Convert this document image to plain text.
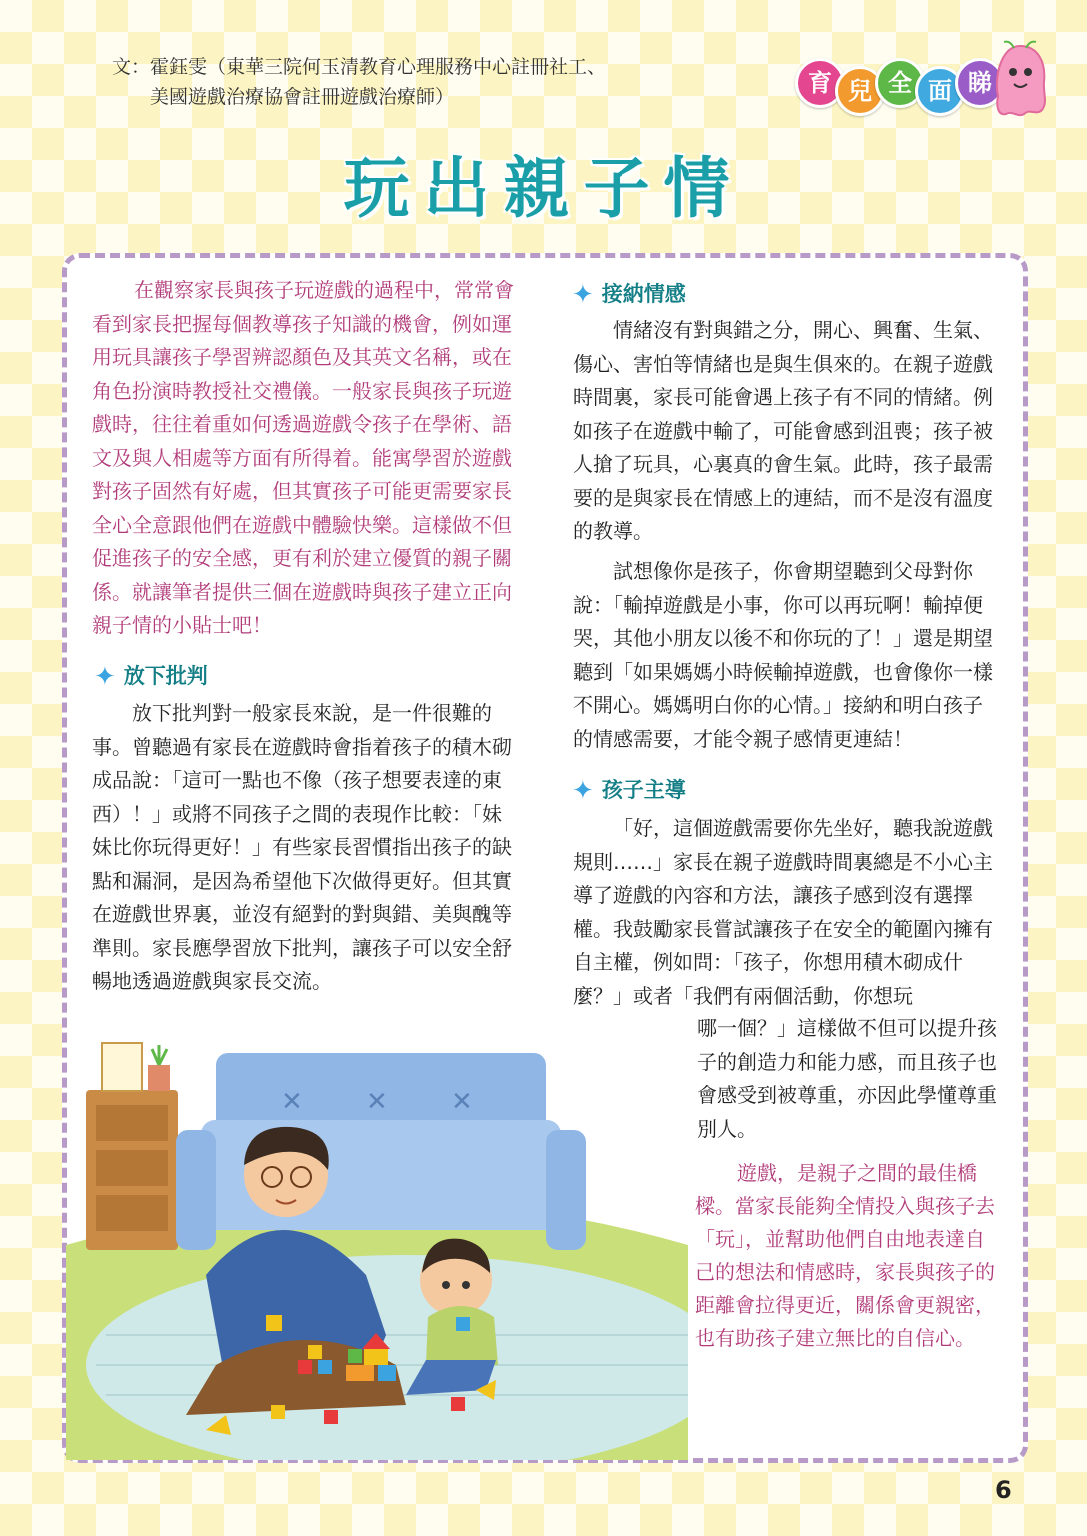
文：霍鈺雯（東華三院何玉清教育心理服務中心註冊社工、
美國遊戲治療協會註冊遊戲治療師）	育 兒 全 面 睇
玩出親子情

在觀察家長與孩子玩遊戲的過程中，常常會看到家長把握每個教導孩子知識的機會，例如運用玩具讓孩子學習辨認顏色及其英文名稱，或在角色扮演時教授社交禮儀。一般家長與孩子玩遊戲時，往往着重如何透過遊戲令孩子在學術、語文及與人相處等方面有所得着。能寓學習於遊戲對孩子固然有好處，但其實孩子可能更需要家長全心全意跟他們在遊戲中體驗快樂。這樣做不但促進孩子的安全感，更有利於建立優質的親子關係。就讓筆者提供三個在遊戲時與孩子建立正向親子情的小貼士吧！

✦ 放下批判

放下批判對一般家長來說，是一件很難的事。曾聽過有家長在遊戲時會指着孩子的積木砌成品說：「這可一點也不像（孩子想要表達的東西）！」或將不同孩子之間的表現作比較：「妹妹比你玩得更好！」有些家長習慣指出孩子的缺點和漏洞，是因為希望他下次做得更好。但其實在遊戲世界裏，並沒有絕對的對與錯、美與醜等準則。家長應學習放下批判，讓孩子可以安全舒暢地透過遊戲與家長交流。

✦ 接納情感

情緒沒有對與錯之分，開心、興奮、生氣、傷心、害怕等情緒也是與生俱來的。在親子遊戲時間裏，家長可能會遇上孩子有不同的情緒。例如孩子在遊戲中輸了，可能會感到沮喪；孩子被人搶了玩具，心裏真的會生氣。此時，孩子最需要的是與家長在情感上的連結，而不是沒有溫度的教導。

試想像你是孩子，你會期望聽到父母對你說：「輸掉遊戲是小事，你可以再玩啊！輸掉便哭，其他小朋友以後不和你玩的了！」還是期望聽到「如果媽媽小時候輸掉遊戲，也會像你一樣不開心。媽媽明白你的心情。」接納和明白孩子的情感需要，才能令親子感情更連結！

✦ 孩子主導

「好，這個遊戲需要你先坐好，聽我說遊戲規則……」家長在親子遊戲時間裏總是不小心主導了遊戲的內容和方法，讓孩子感到沒有選擇權。我鼓勵家長嘗試讓孩子在安全的範圍內擁有自主權，例如問：「孩子，你想用積木砌成什麼？」或者「我們有兩個活動，你想玩

哪一個？」這樣做不但可以提升孩子的創造力和能力感，而且孩子也會感受到被尊重，亦因此學懂尊重別人。

遊戲，是親子之間的最佳橋樑。當家長能夠全情投入與孩子去「玩」，並幫助他們自由地表達自己的想法和情感時，家長與孩子的距離會拉得更近，關係會更親密，也有助孩子建立無比的自信心。

✕ ✕ ✕
6
